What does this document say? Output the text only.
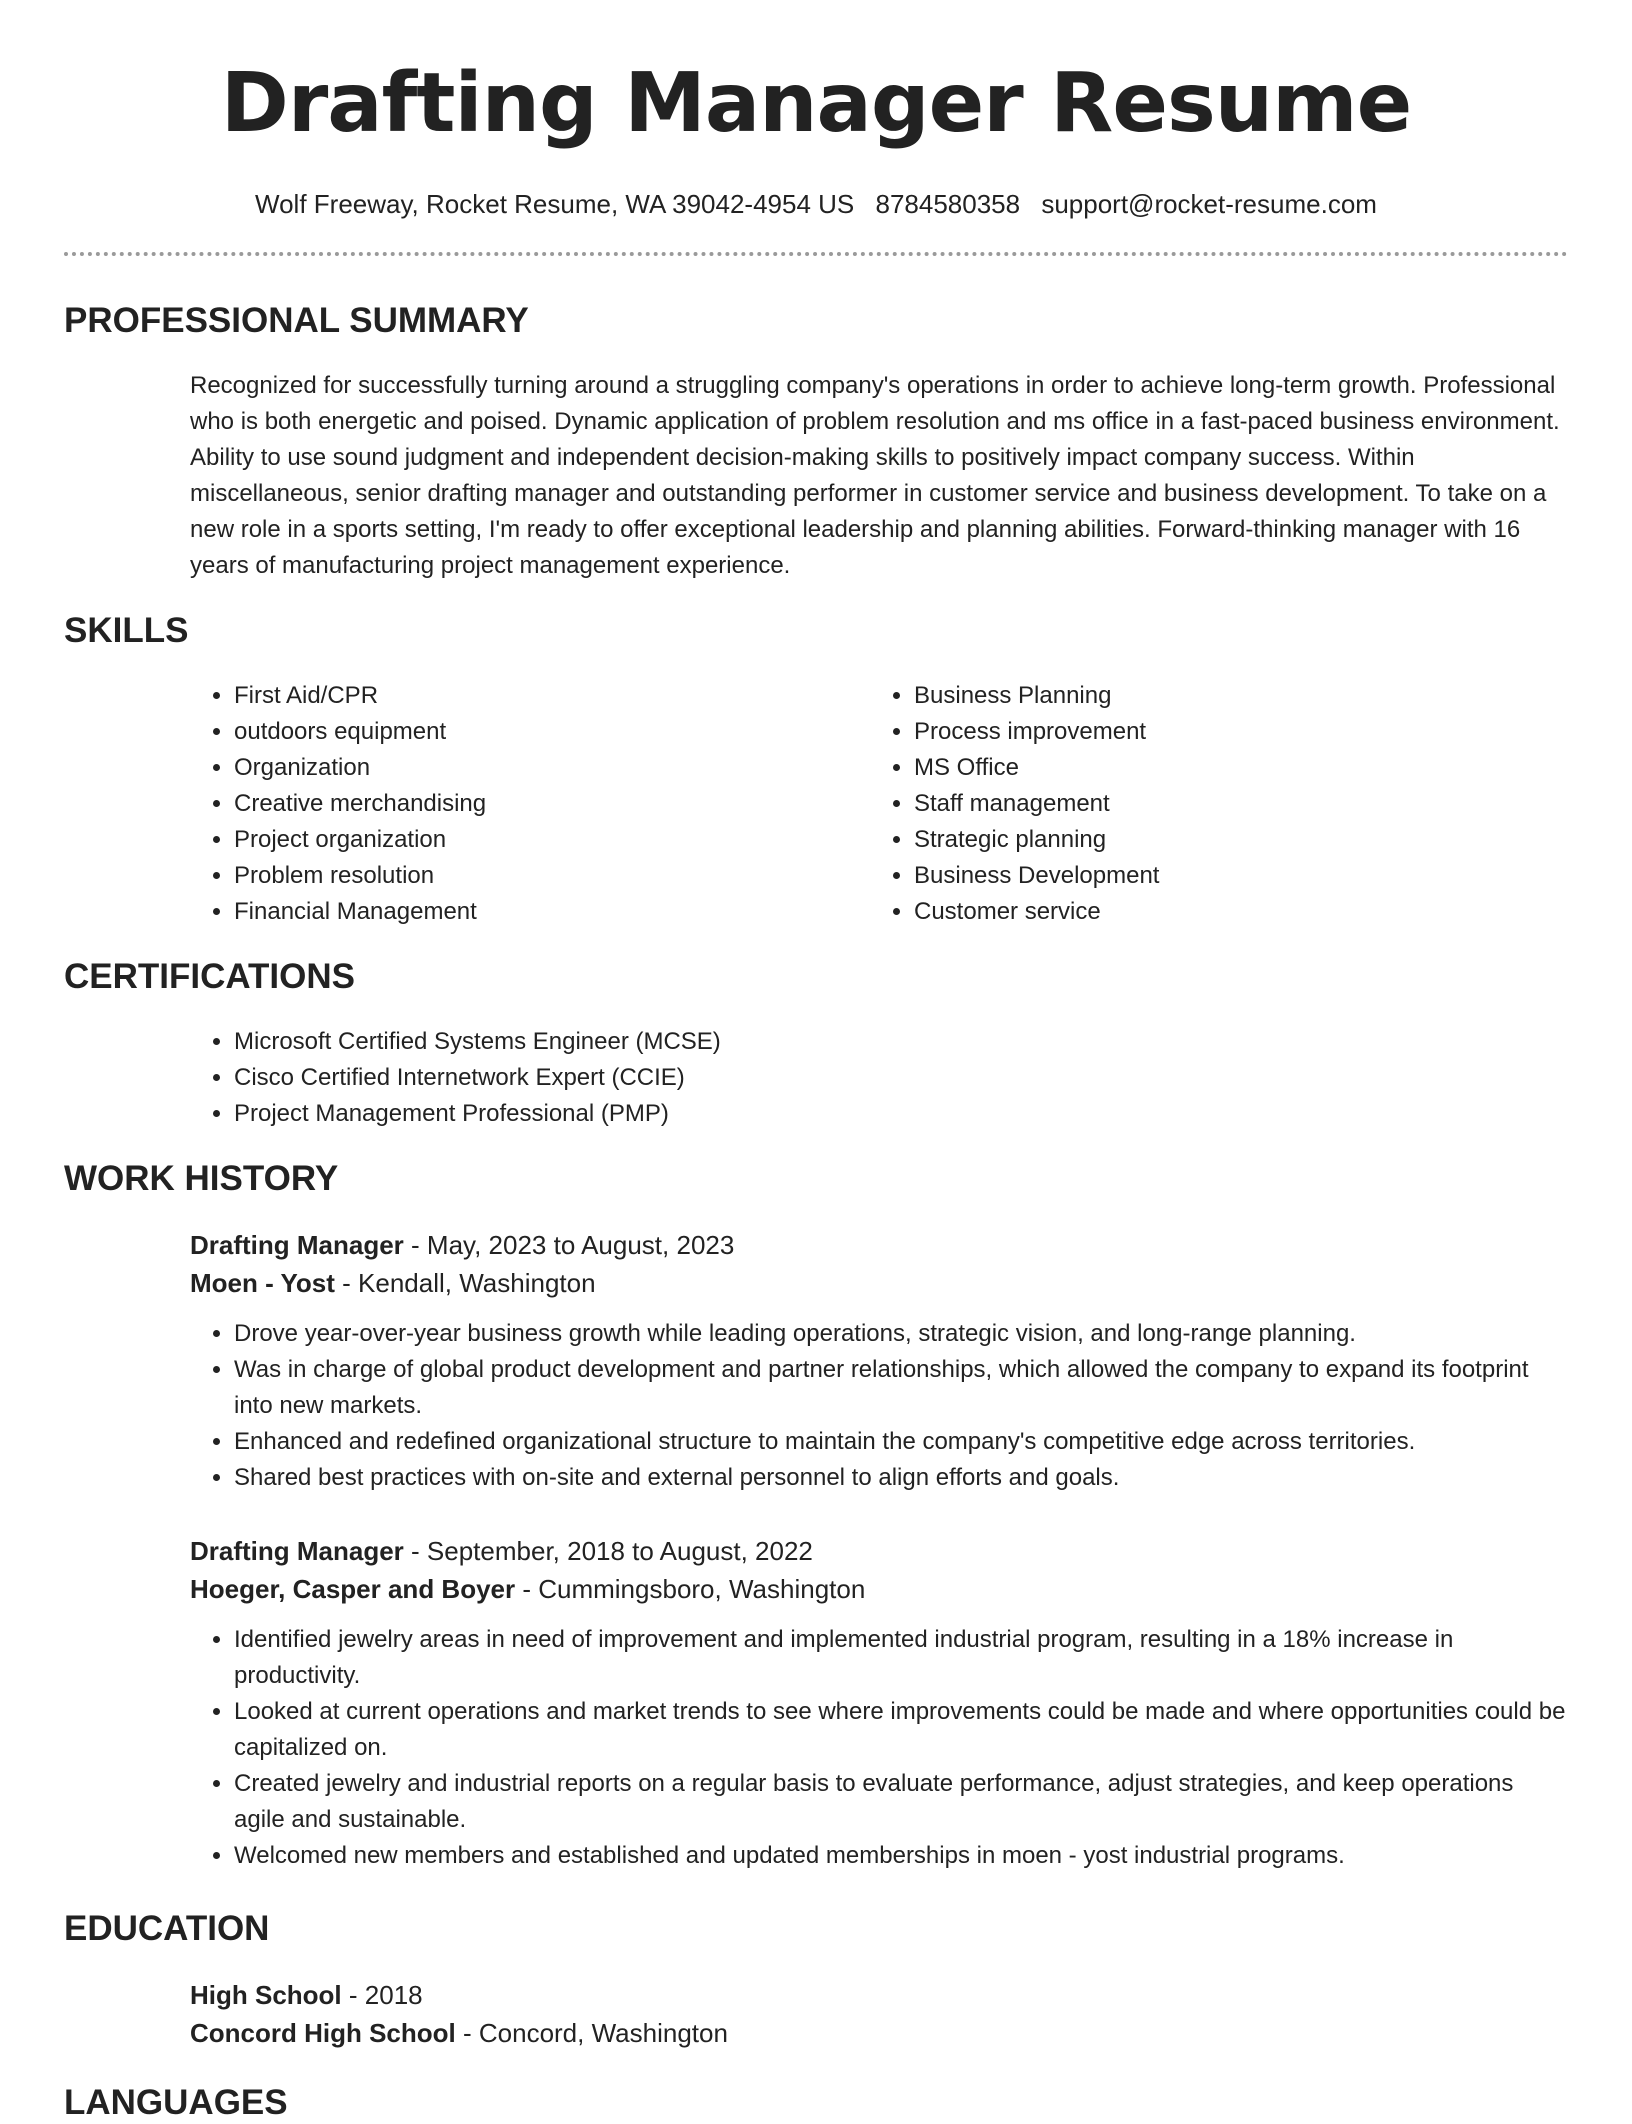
Drafting Manager Resume
Wolf Freeway, Rocket Resume, WA 39042-4954 US 8784580358 support@rocket-resume.com
PROFESSIONAL SUMMARY

Recognized for successfully turning around a struggling company's operations in order to achieve long-term growth. Professional who is both energetic and poised. Dynamic application of problem resolution and ms office in a fast-paced business environment. Ability to use sound judgment and independent decision-making skills to positively impact company success. Within miscellaneous, senior drafting manager and outstanding performer in customer service and business development. To take on a new role in a sports setting, I'm ready to offer exceptional leadership and planning abilities. Forward-thinking manager with 16 years of manufacturing project management experience.

SKILLS
• First Aid/CPR
• outdoors equipment
• Organization
• Creative merchandising
• Project organization
• Problem resolution
• Financial Management
• Business Planning
• Process improvement
• MS Office
• Staff management
• Strategic planning
• Business Development
• Customer service
CERTIFICATIONS
• Microsoft Certified Systems Engineer (MCSE)
• Cisco Certified Internetwork Expert (CCIE)
• Project Management Professional (PMP)
WORK HISTORY
Drafting Manager - May, 2023 to August, 2023
Moen - Yost - Kendall, Washington
• Drove year-over-year business growth while leading operations, strategic vision, and long-range planning.
• Was in charge of global product development and partner relationships, which allowed the company to expand its footprint into new markets.
• Enhanced and redefined organizational structure to maintain the company's competitive edge across territories.
• Shared best practices with on-site and external personnel to align efforts and goals.
Drafting Manager - September, 2018 to August, 2022
Hoeger, Casper and Boyer - Cummingsboro, Washington
• Identified jewelry areas in need of improvement and implemented industrial program, resulting in a 18% increase in productivity.
• Looked at current operations and market trends to see where improvements could be made and where opportunities could be capitalized on.
• Created jewelry and industrial reports on a regular basis to evaluate performance, adjust strategies, and keep operations agile and sustainable.
• Welcomed new members and established and updated memberships in moen - yost industrial programs.
EDUCATION
High School - 2018
Concord High School - Concord, Washington
LANGUAGES
